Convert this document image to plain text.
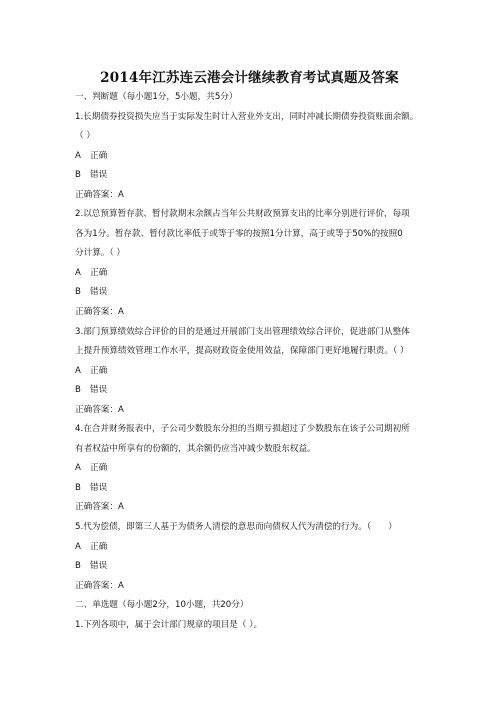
2014年江苏连云港会计继续教育考试真题及答案
一、判断题（每小题1分，5小题，共5分）
1.长期债券投资损失应当于实际发生时计入营业外支出，同时冲减长期债券投资账面余额。
（ ）
A 正确
B 错误
正确答案：A
2.以总预算暂存款、暂付款期末余额占当年公共财政预算支出的比率分别进行评价，每项
各为1分。暂存款、暂付款比率低于或等于零的按照1分计算，高于或等于50%的按照0
分计算。（ ）
A 正确
B 错误
正确答案：A
3.部门预算绩效综合评价的目的是通过开展部门支出管理绩效综合评价，促进部门从整体
上提升预算绩效管理工作水平，提高财政资金使用效益，保障部门更好地履行职责。（ ）
A 正确
B 错误
正确答案：A
4.在合并财务报表中，子公司少数股东分担的当期亏损超过了少数股东在该子公司期初所
有者权益中所享有的份额的，其余额仍应当冲减少数股东权益。
A 正确
B 错误
正确答案：A
5.代为偿债，即第三人基于为债务人清偿的意思而向债权人代为清偿的行为。（　　）
A 正确
B 错误
正确答案：A
二、单选题（每小题2分，10小题，共20分）
1.下列各项中，属于会计部门规章的项目是（ ）。
